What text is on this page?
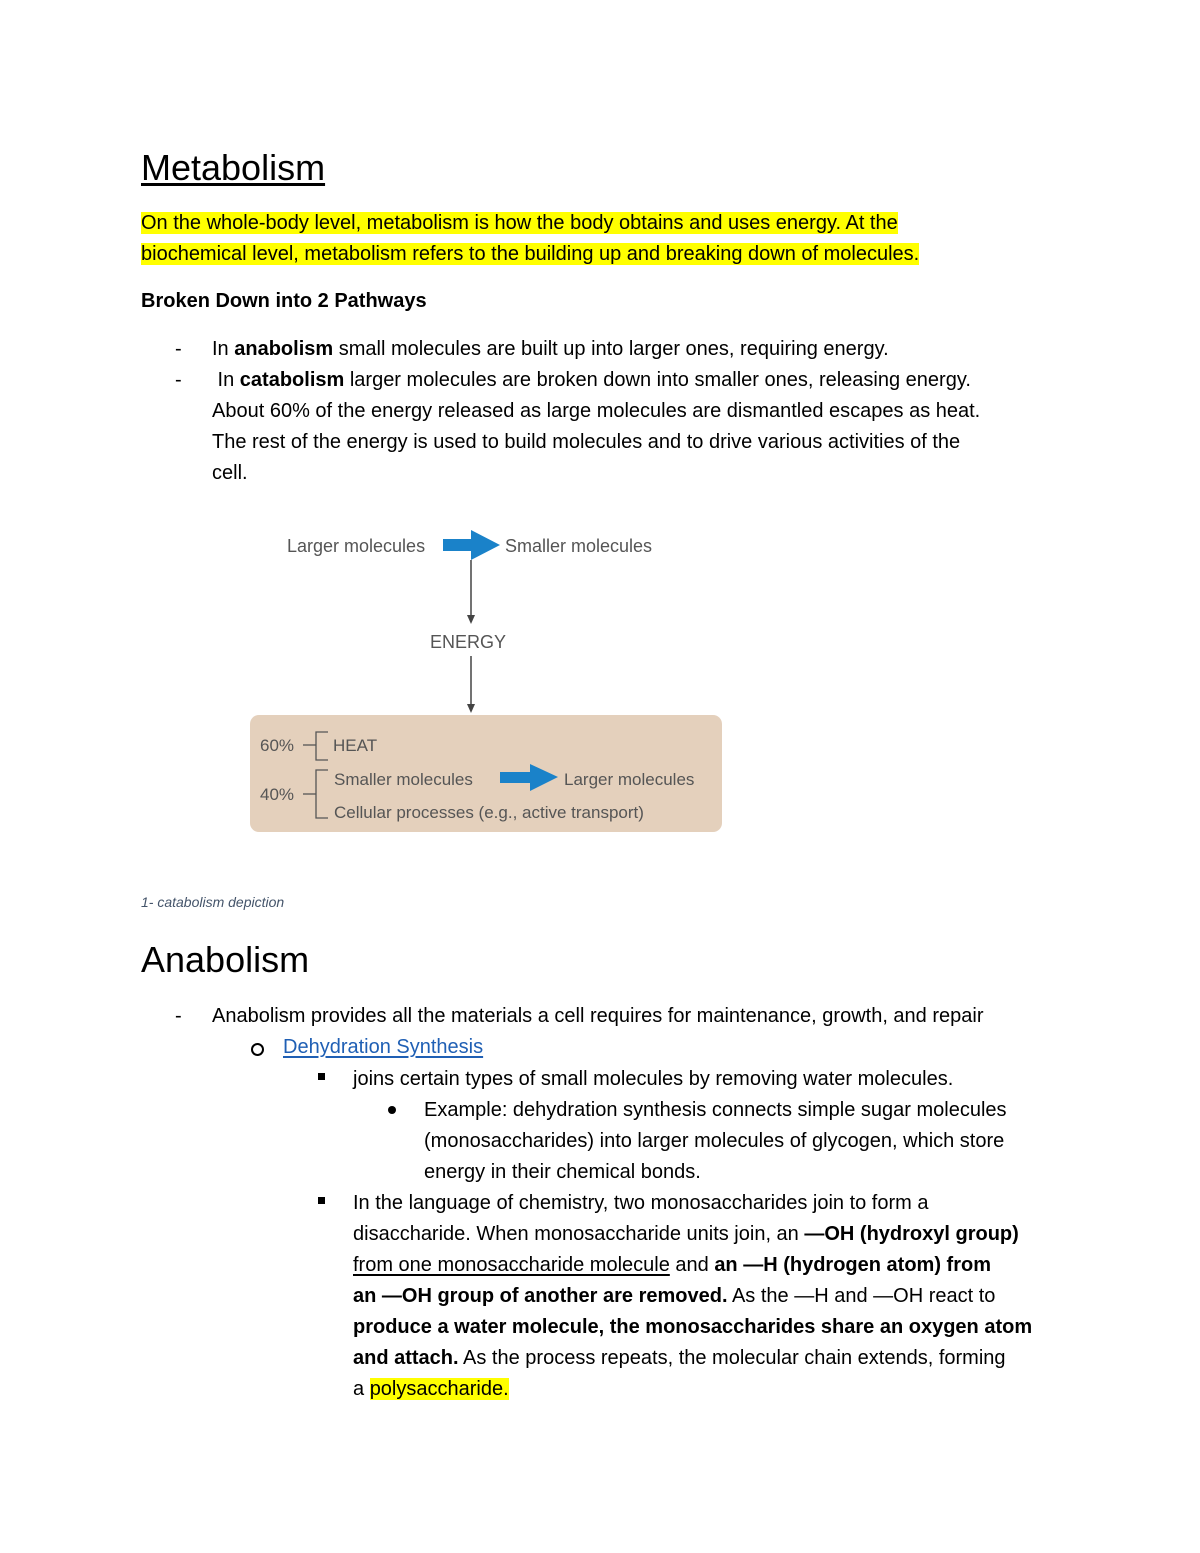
Metabolism
On the whole-body level, metabolism is how the body obtains and uses energy. At the
biochemical level, metabolism refers to the building up and breaking down of molecules.
Broken Down into 2 Pathways
- In anabolism small molecules are built up into larger ones, requiring energy.
- In catabolism larger molecules are broken down into smaller ones, releasing energy.
About 60% of the energy released as large molecules are dismantled escapes as heat.
The rest of the energy is used to build molecules and to drive various activities of the
cell.
Larger molecules	Smaller molecules
ENERGY
60% HEAT
40%
Smaller molecules	Larger molecules
Cellular processes (e.g., active transport)
1- catabolism depiction
Anabolism
- Anabolism provides all the materials a cell requires for maintenance, growth, and repair
Dehydration Synthesis
joins certain types of small molecules by removing water molecules.
Example: dehydration synthesis connects simple sugar molecules
(monosaccharides) into larger molecules of glycogen, which store
energy in their chemical bonds.
In the language of chemistry, two monosaccharides join to form a
disaccharide. When monosaccharide units join, an —OH (hydroxyl group)
from one monosaccharide molecule and an —H (hydrogen atom) from
an —OH group of another are removed. As the —H and —OH react to
produce a water molecule, the monosaccharides share an oxygen atom
and attach. As the process repeats, the molecular chain extends, forming
a polysaccharide.
